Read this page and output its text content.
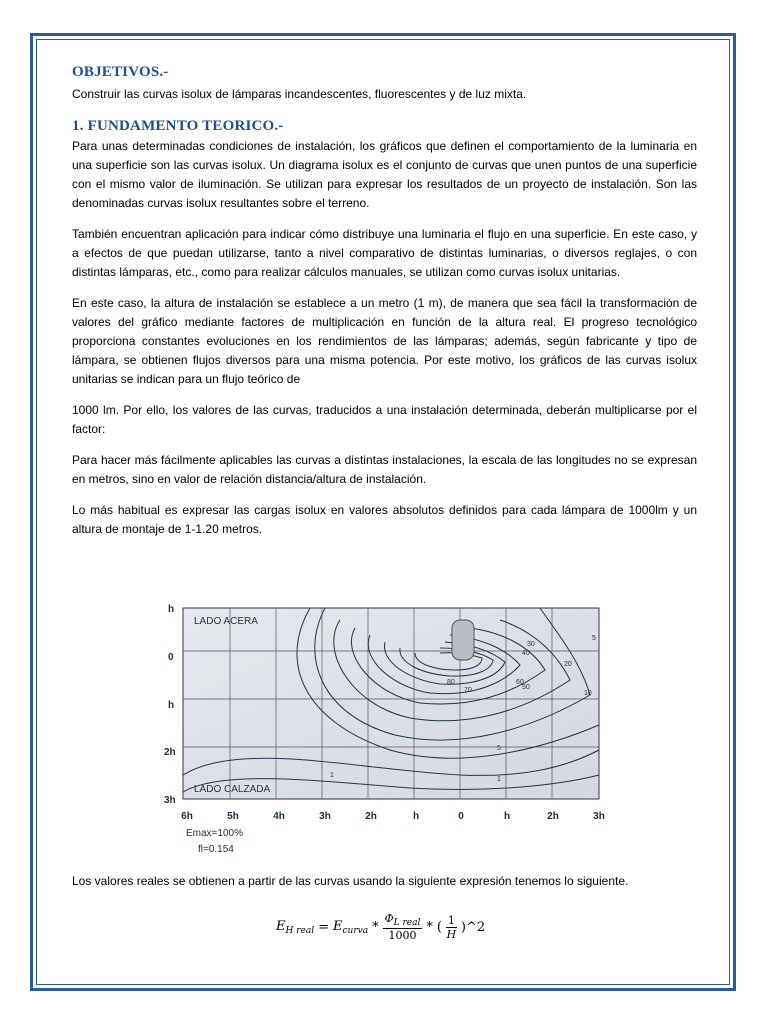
OBJETIVOS.-

Construir las curvas isolux de lámparas incandescentes, fluorescentes y de luz mixta.

1. FUNDAMENTO TEORICO.-

Para unas determinadas condiciones de instalación, los gráficos que definen el comportamiento de la luminaria en una superficie son las curvas isolux. Un diagrama isolux es el conjunto de curvas que unen puntos de una superficie con el mismo valor de iluminación. Se utilizan para expresar los resultados de un proyecto de instalación. Son las denominadas curvas isolux resultantes sobre el terreno.

También encuentran aplicación para indicar cómo distribuye una luminaria el flujo en una superficie. En este caso, y a efectos de que puedan utilizarse, tanto a nivel comparativo de distintas luminarias, o diversos reglajes, o con distintas lámparas, etc., como para realizar cálculos manuales, se utilizan como curvas isolux unitarias.

En este caso, la altura de instalación se establece a un metro (1 m), de manera que sea fácil la transformación de valores del gráfico mediante factores de multiplicación en función de la altura real. El progreso tecnológico proporciona constantes evoluciones en los rendimientos de las lámparas; además, según fabricante y tipo de lámpara, se obtienen flujos diversos para una misma potencia. Por este motivo, los gráficos de las curvas isolux unitarias se indican para un flujo teórico de

1000 lm. Por ello, los valores de las curvas, traducidos a una instalación determinada, deberán multiplicarse por el factor:

Para hacer más fácilmente aplicables las curvas a distintas instalaciones, la escala de las longitudes no se expresan en metros, sino en valor de relación distancia/altura de instalación.

Lo más habitual es expresar las cargas isolux en valores absolutos definidos para cada lámpara de 1000lm y un altura de montaje de 1-1.20 metros.

LADO ACERA
LADO CALZADA
30
40
5
20
80
70
60
50
10
5
1
1
h
0
h
2h
3h
6h	5h	4h	3h	2h	h	0	h	2h	3h
Emax=100%
fl=0.154
Los valores reales se obtienen a partir de las curvas usando la siguiente expresión tenemos lo siguiente.
$E_{H real} = E_{curva} * \frac{\Phi_{L real}}{1000}$ * ( $\frac{1}{H}$ )^2
